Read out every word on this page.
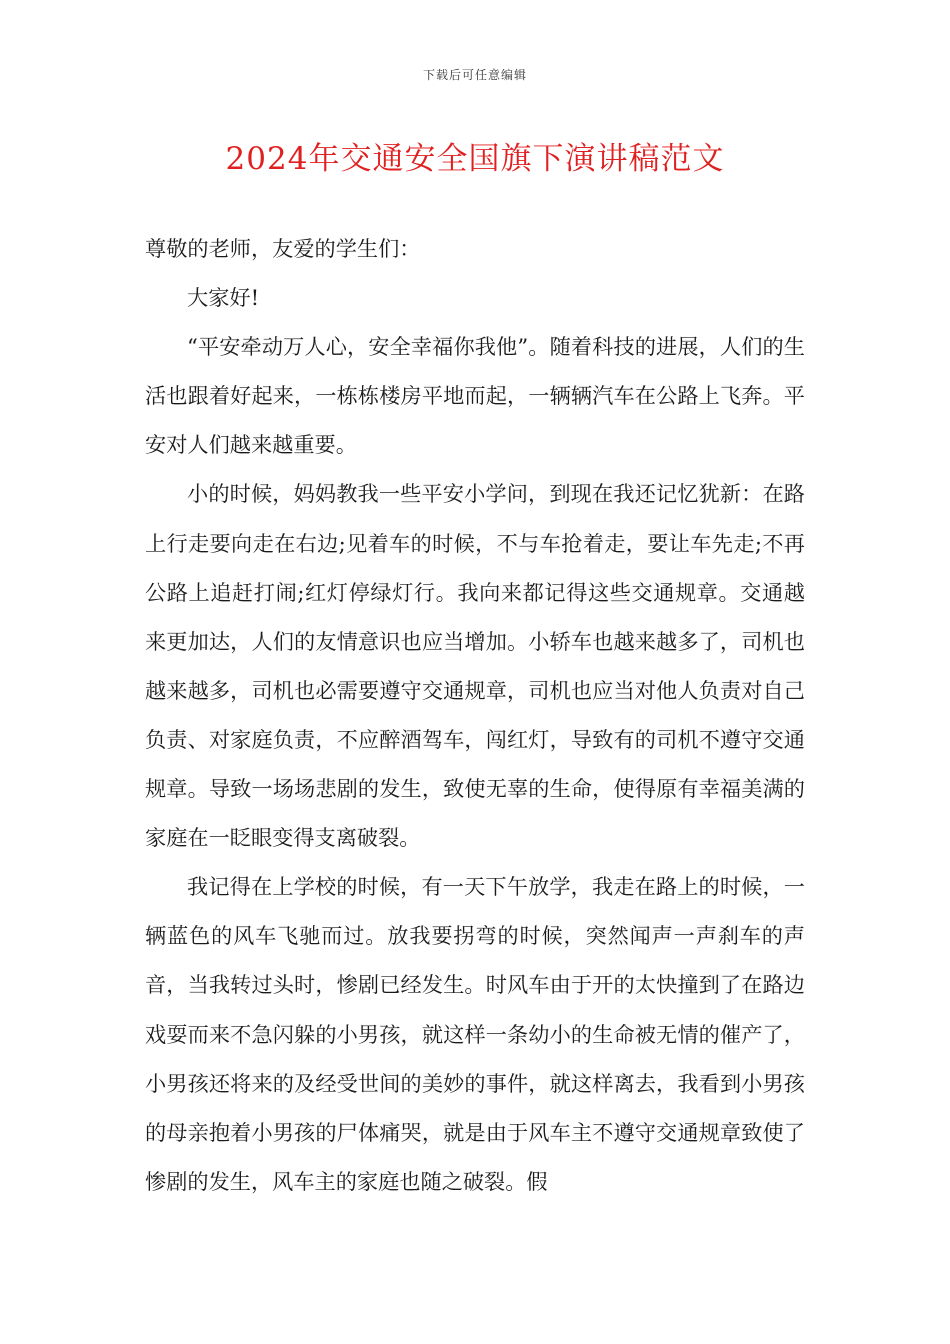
下载后可任意编辑
2024年交通安全国旗下演讲稿范文

尊敬的老师，友爱的学生们：

大家好!

“平安牵动万人心，安全幸福你我他”。随着科技的进展，人们的生活也跟着好起来，一栋栋楼房平地而起，一辆辆汽车在公路上飞奔。平安对人们越来越重要。

小的时候，妈妈教我一些平安小学问，到现在我还记忆犹新：在路上行走要向走在右边;见着车的时候，不与车抢着走，要让车先走;不再公路上追赶打闹;红灯停绿灯行。我向来都记得这些交通规章。交通越来更加达，人们的友情意识也应当增加。小轿车也越来越多了，司机也越来越多，司机也必需要遵守交通规章，司机也应当对他人负责对自己负责、对家庭负责，不应醉酒驾车，闯红灯，导致有的司机不遵守交通规章。导致一场场悲剧的发生，致使无辜的生命，使得原有幸福美满的家庭在一眨眼变得支离破裂。

我记得在上学校的时候，有一天下午放学，我走在路上的时候，一辆蓝色的风车飞驰而过。放我要拐弯的时候，突然闻声一声刹车的声音，当我转过头时，惨剧已经发生。时风车由于开的太快撞到了在路边戏耍而来不急闪躲的小男孩，就这样一条幼小的生命被无情的催产了，小男孩还将来的及经受世间的美妙的事件，就这样离去，我看到小男孩的母亲抱着小男孩的尸体痛哭，就是由于风车主不遵守交通规章致使了惨剧的发生，风车主的家庭也随之破裂。假
